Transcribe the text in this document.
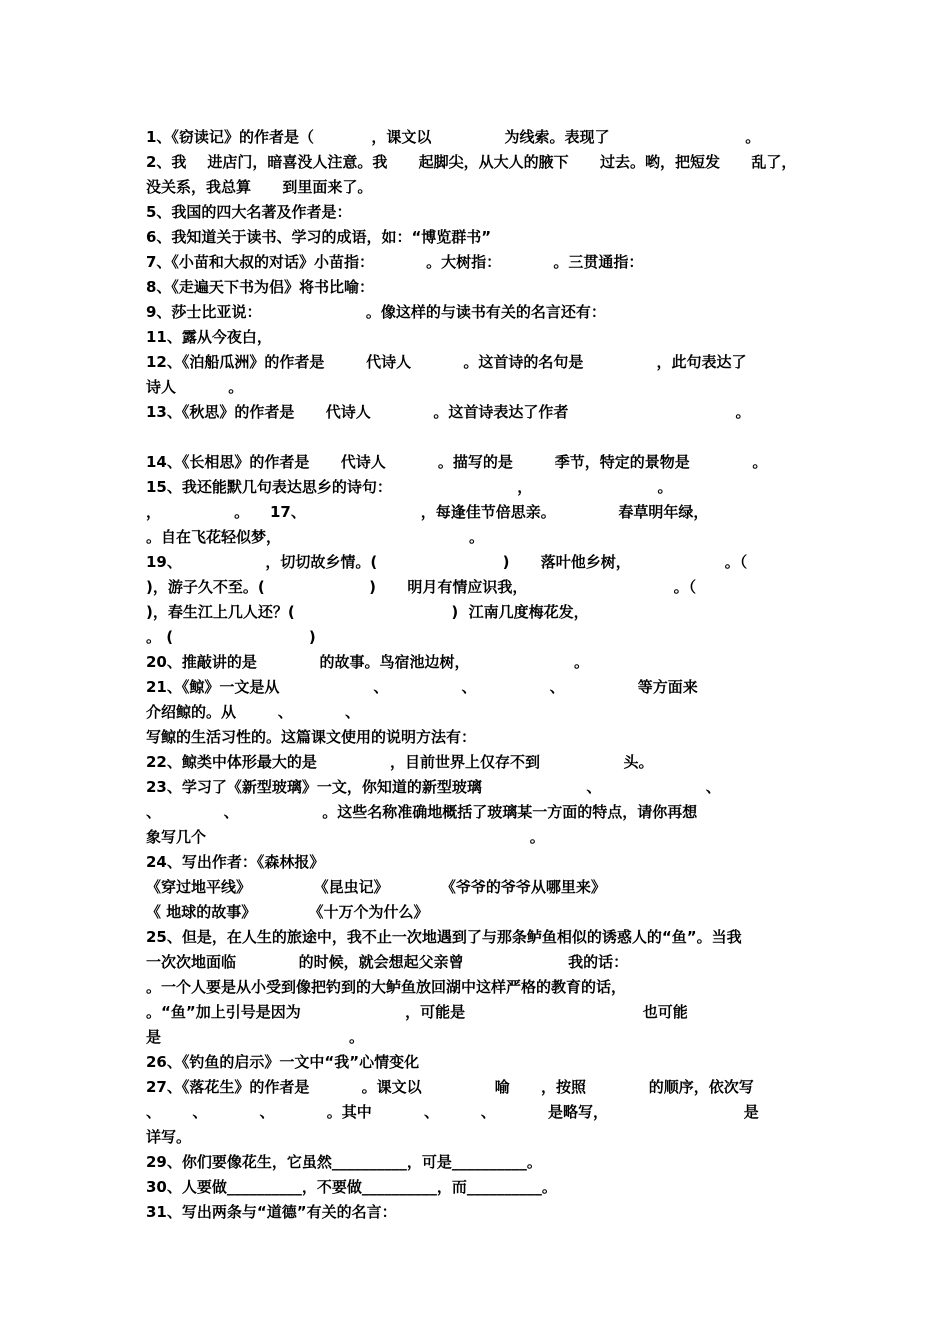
1、《窃读记》的作者是（           ，课文以              为线索。表现了                          。
2、我    进店门，暗喜没人注意。我      起脚尖，从大人的腋下      过去。哟，把短发      乱了，
没关系，我总算      到里面来了。
5、我国的四大名著及作者是：
6、我知道关于读书、学习的成语，如：“博览群书”
7、《小苗和大叔的对话》小苗指：          。大树指：          。三贯通指：
8、《走遍天下书为侣》将书比喻：
9、莎士比亚说：                    。像这样的与读书有关的名言还有：
11、露从今夜白，
12、《泊船瓜洲》的作者是        代诗人          。这首诗的名句是              ，此句表达了
诗人          。
13、《秋思》的作者是      代诗人            。这首诗表达了作者                                。
14、《长相思》的作者是      代诗人          。描写的是        季节，特定的景物是            。
15、我还能默几句表达思乡的诗句：                        ，                        。
，              。    17、                      ，每逢佳节倍思亲。            春草明年绿，
。自在飞花轻似梦，                                    。
19、                ，切切故乡情。(                        )      落叶他乡树，                  。（
)，游子久不至。(                    )      明月有情应识我，                            。（
)，春生江上几人还？(                              )  江南几度梅花发，
。 (                          )
20、推敲讲的是            的故事。鸟宿池边树，                    。
21、《鲸》一文是从                  、              、              、              等方面来
介绍鲸的。从        、          、
写鲸的生活习性的。这篇课文使用的说明方法有：
22、鲸类中体形最大的是              ，目前世界上仅存不到                头。
23、学习了《新型玻璃》一文，你知道的新型玻璃                    、                    、
、            、                。这些名称准确地概括了玻璃某一方面的特点，请你再想
象写几个                                                              。
24、写出作者：《森林报》
《穿过地平线》            《昆虫记》          《爷爷的爷爷从哪里来》
《 地球的故事》          《十万个为什么》
25、但是，在人生的旅途中，我不止一次地遇到了与那条鲈鱼相似的诱惑人的“鱼”。当我
一次次地面临            的时候，就会想起父亲曾                    我的话：
。一个人要是从小受到像把钓到的大鲈鱼放回湖中这样严格的教育的话，
。“鱼”加上引号是因为                    ，可能是                                  也可能
是                                    。
26、《钓鱼的启示》一文中“我”心情变化
27、《落花生》的作者是          。课文以              喻      ，按照            的顺序，依次写
、      、          、          。其中          、        、          是略写，                          是
详写。
29、你们要像花生，它虽然__________，可是__________。
30、人要做__________，不要做__________，而__________。
31、写出两条与“道德”有关的名言：
